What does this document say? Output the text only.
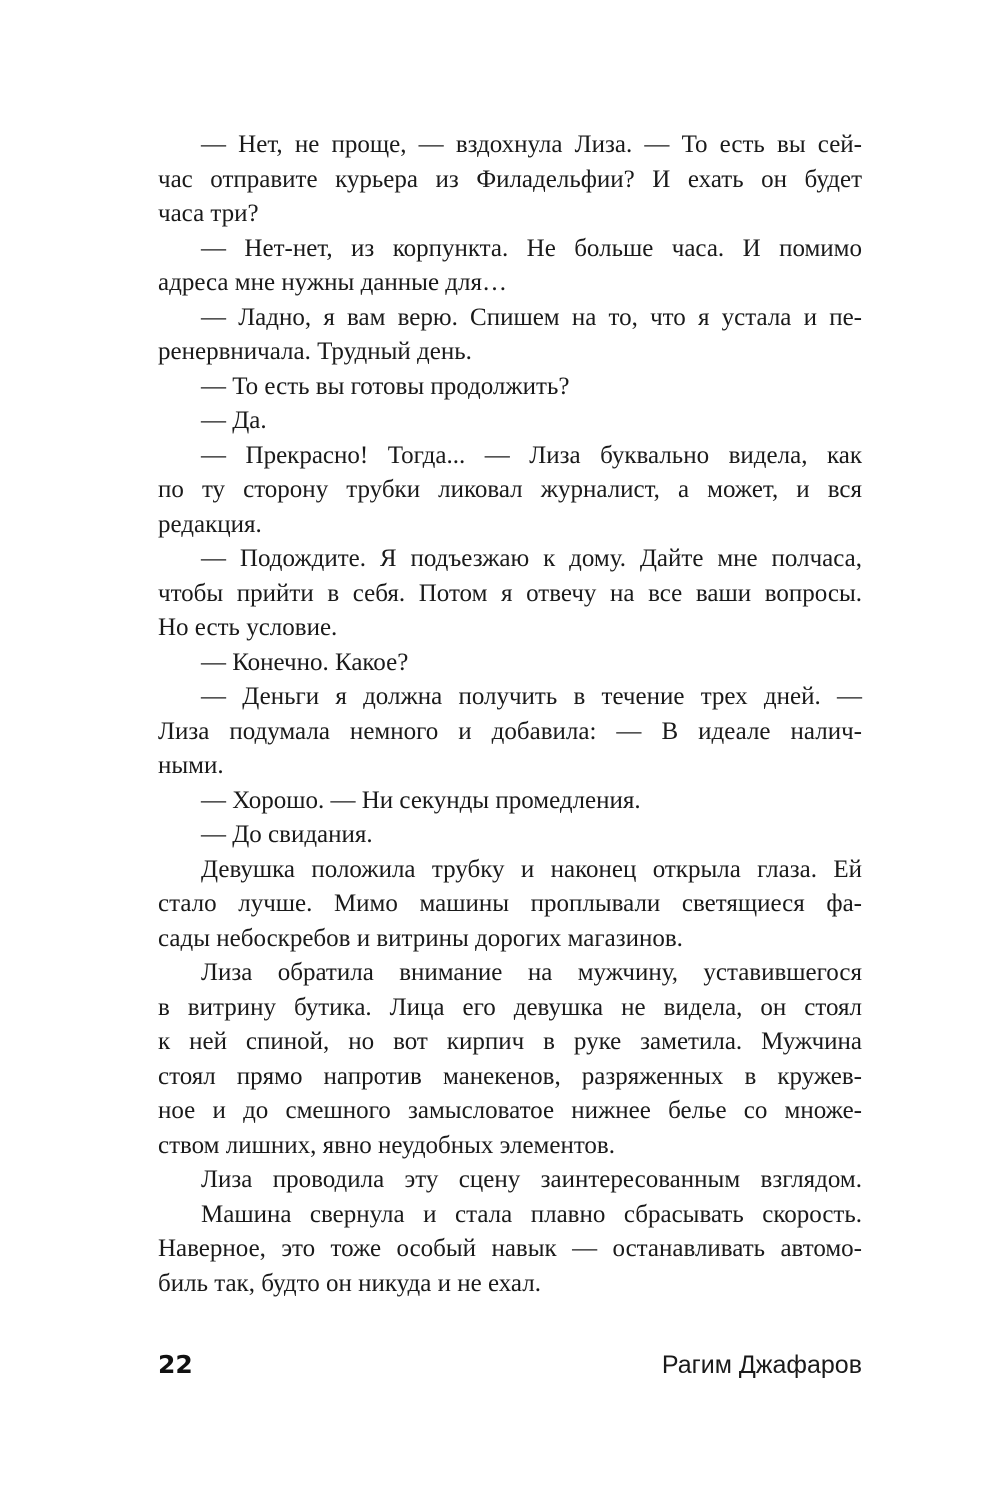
— Нет, не проще, — вздохнула Лиза. — То есть вы сей-
час отправите курьера из Филадельфии? И ехать он будет
часа три?
— Нет-нет, из корпункта. Не больше часа. И помимо
адреса мне нужны данные для…
— Ладно, я вам верю. Спишем на то, что я устала и пе-
ренервничала. Трудный день.
— То есть вы готовы продолжить?
— Да.
— Прекрасно! Тогда... — Лиза буквально видела, как
по ту сторону трубки ликовал журналист, а может, и вся
редакция.
— Подождите. Я подъезжаю к дому. Дайте мне полчаса,
чтобы прийти в себя. Потом я отвечу на все ваши вопросы.
Но есть условие.
— Конечно. Какое?
— Деньги я должна получить в течение трех дней. —
Лиза подумала немного и добавила: — В идеале налич-
ными.
— Хорошо. — Ни секунды промедления.
— До свидания.
Девушка положила трубку и наконец открыла глаза. Ей
стало лучше. Мимо машины проплывали светящиеся фа-
сады небоскребов и витрины дорогих магазинов.
Лиза обратила внимание на мужчину, уставившегося
в витрину бутика. Лица его девушка не видела, он стоял
к ней спиной, но вот кирпич в руке заметила. Мужчина
стоял прямо напротив манекенов, разряженных в кружев-
ное и до смешного замысловатое нижнее белье со множе-
ством лишних, явно неудобных элементов.
Лиза проводила эту сцену заинтересованным взглядом.
Машина свернула и стала плавно сбрасывать скорость.
Наверное, это тоже особый навык — останавливать автомо-
биль так, будто он никуда и не ехал.
22	Рагим Джафаров
